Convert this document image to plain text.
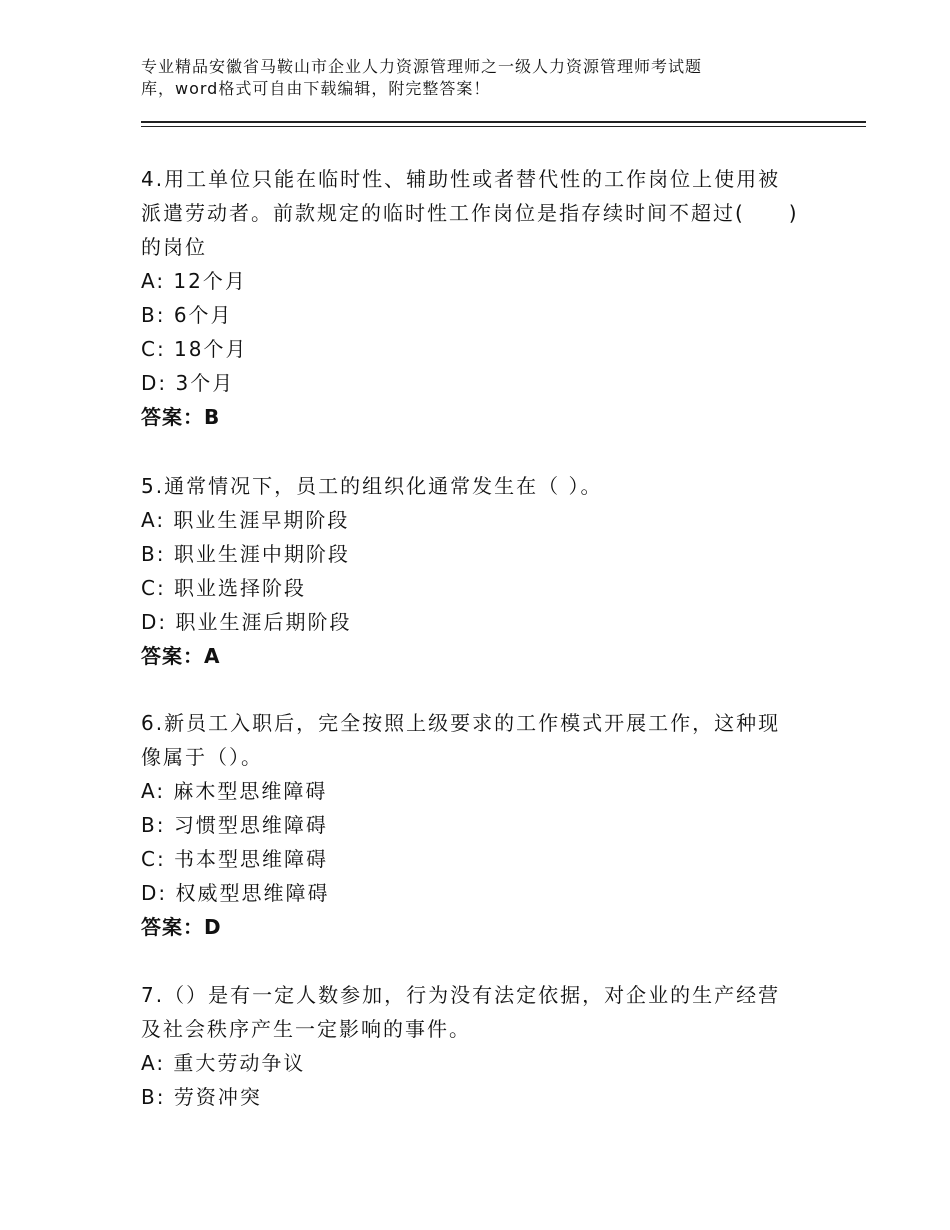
专业精品安徽省马鞍山市企业人力资源管理师之一级人力资源管理师考试题
库，word格式可自由下载编辑，附完整答案！

4.用工单位只能在临时性、辅助性或者替代性的工作岗位上使用被派遣劳动者。前款规定的临时性工作岗位是指存续时间不超过(　　)的岗位

A: 12个月

B: 6个月

C: 18个月

D: 3个月

答案：B

5.通常情况下，员工的组织化通常发生在（ ）。

A: 职业生涯早期阶段

B: 职业生涯中期阶段

C: 职业选择阶段

D: 职业生涯后期阶段

答案：A

6.新员工入职后，完全按照上级要求的工作模式开展工作，这种现像属于（）。

A: 麻木型思维障碍

B: 习惯型思维障碍

C: 书本型思维障碍

D: 权威型思维障碍

答案：D

7.（）是有一定人数参加，行为没有法定依据，对企业的生产经营及社会秩序产生一定影响的事件。

A: 重大劳动争议

B: 劳资冲突
